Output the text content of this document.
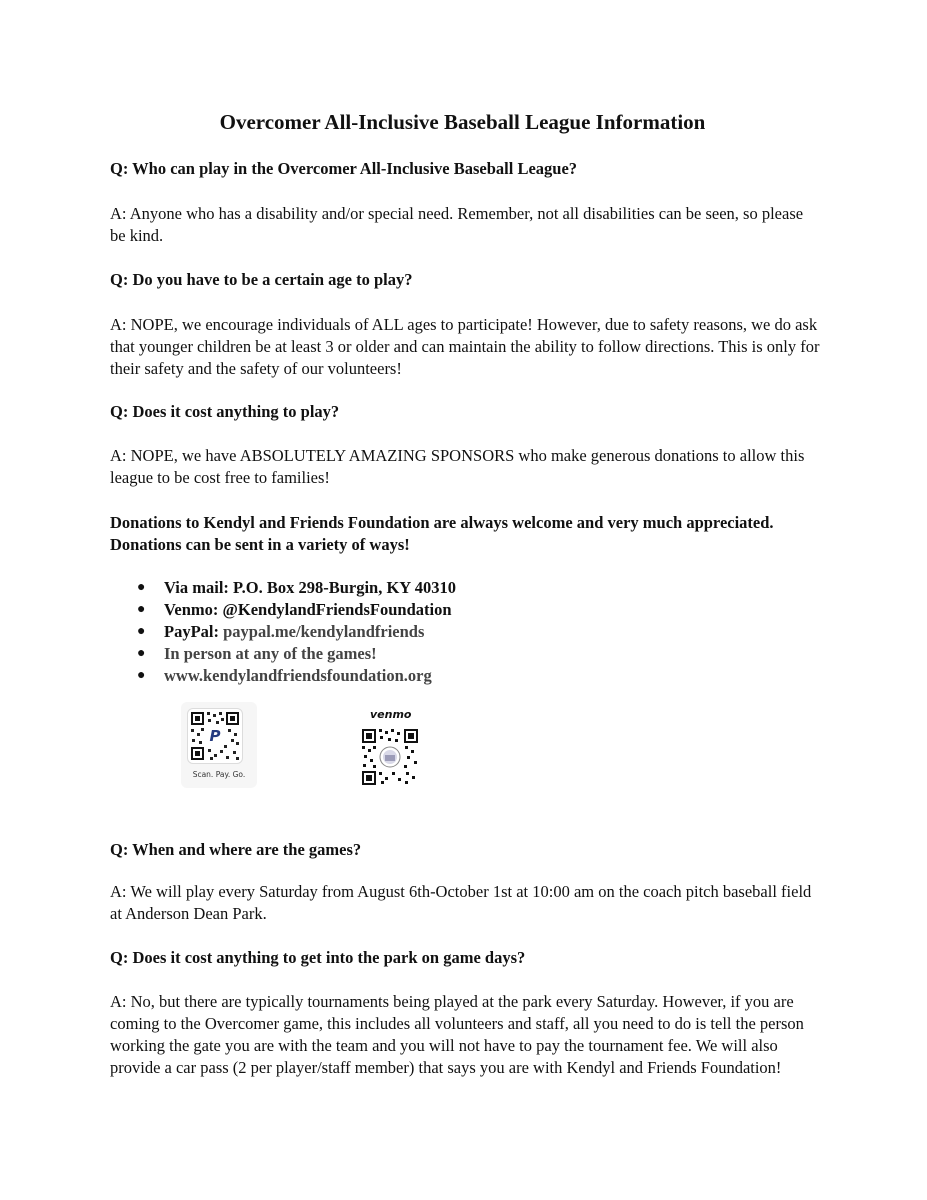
Overcomer All-Inclusive Baseball League Information
Q: Who can play in the Overcomer All-Inclusive Baseball League?
A: Anyone who has a disability and/or special need. Remember, not all disabilities can be seen, so please be kind.
Q: Do you have to be a certain age to play?
A: NOPE, we encourage individuals of ALL ages to participate! However, due to safety reasons, we do ask that younger children be at least 3 or older and can maintain the ability to follow directions. This is only for their safety and the safety of our volunteers!
Q: Does it cost anything to play?
A: NOPE, we have ABSOLUTELY AMAZING SPONSORS who make generous donations to allow this league to be cost free to families!
Donations to Kendyl and Friends Foundation are always welcome and very much appreciated.
Donations can be sent in a variety of ways!
● Via mail: P.O. Box 298-Burgin, KY 40310
● Venmo: @KendylandFriendsFoundation
● PayPal: paypal.me/kendylandfriends
● In person at any of the games!
● www.kendylandfriendsfoundation.org
P
Scan. Pay. Go.
venmo
Q: When and where are the games?
A: We will play every Saturday from August 6th-October 1st at 10:00 am on the coach pitch baseball field at Anderson Dean Park.
Q: Does it cost anything to get into the park on game days?
A: No, but there are typically tournaments being played at the park every Saturday. However, if you are coming to the Overcomer game, this includes all volunteers and staff, all you need to do is tell the person working the gate you are with the team and you will not have to pay the tournament fee. We will also provide a car pass (2 per player/staff member) that says you are with Kendyl and Friends Foundation!
